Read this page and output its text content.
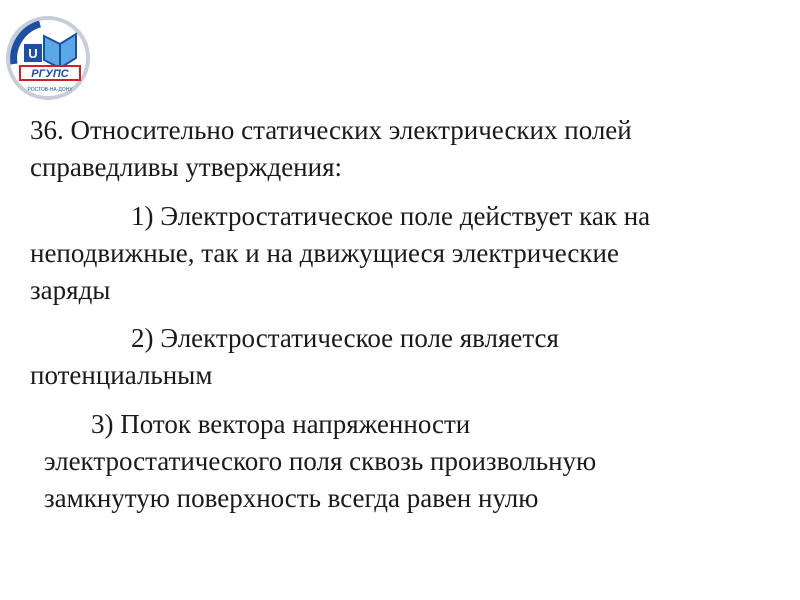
U
РГУПС
РОСТОВ-НА-ДОНУ

36. Относительно статических электрических полей
справедливы утверждения:

1) Электростатическое поле действует как на
неподвижные, так и на движущиеся электрические
заряды

2) Электростатическое поле является
потенциальным

3) Поток вектора напряженности
электростатического поля сквозь произвольную
замкнутую поверхность всегда равен нулю
